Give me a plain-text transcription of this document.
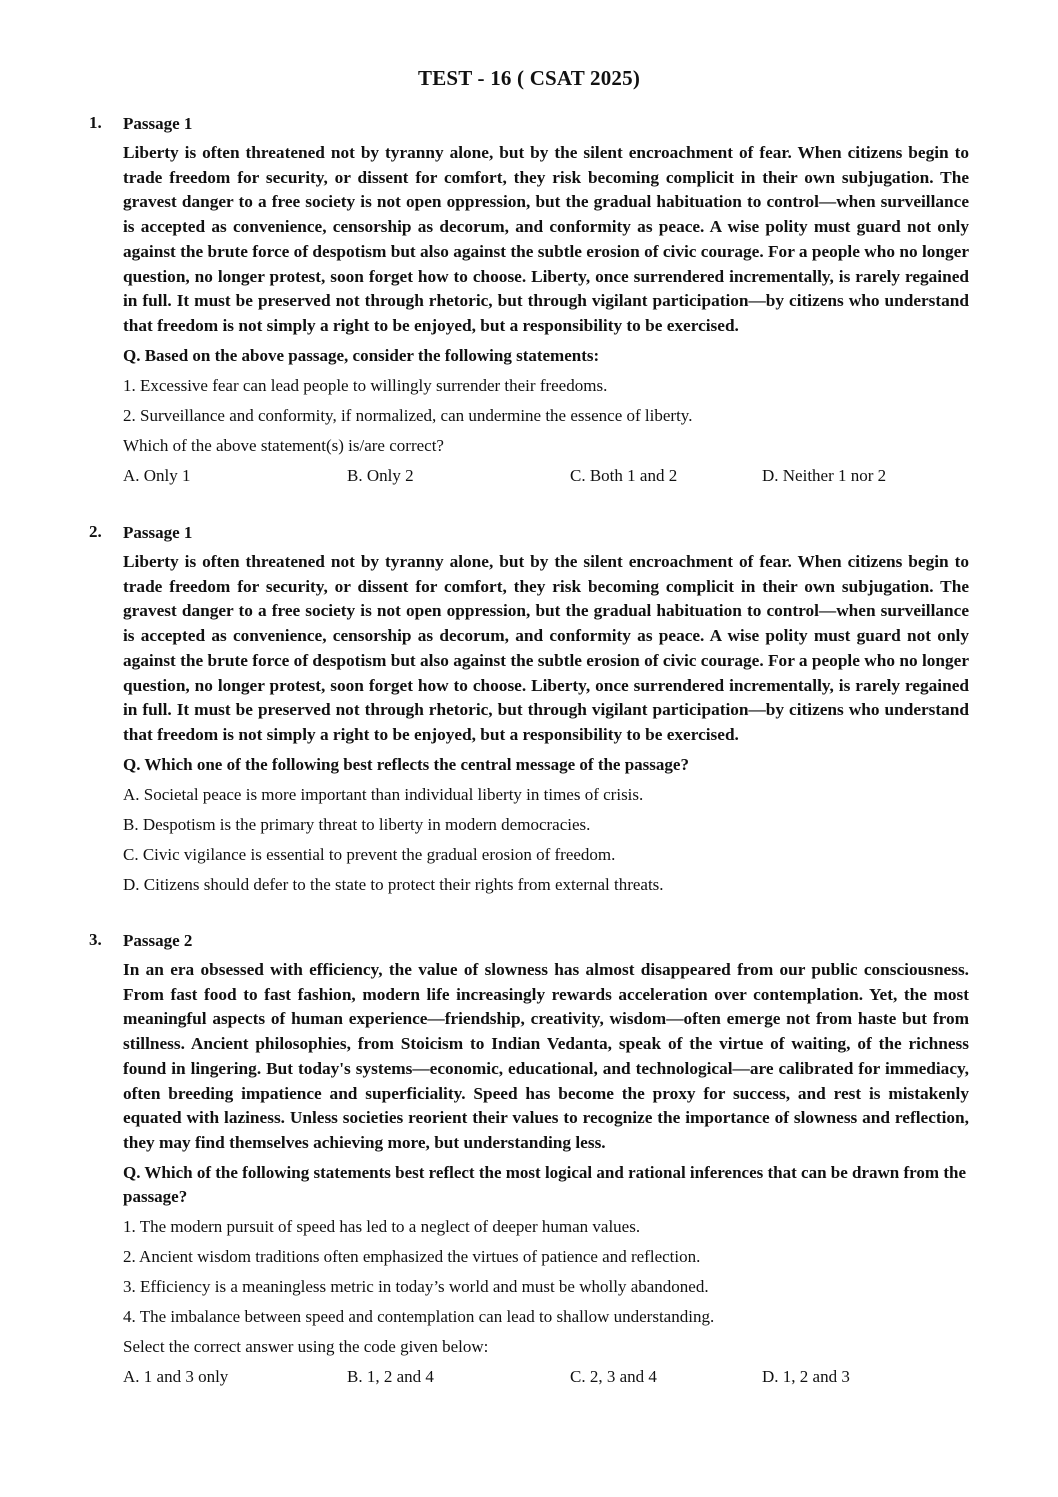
TEST - 16 ( CSAT 2025)
1. Passage 1
Liberty is often threatened not by tyranny alone, but by the silent encroachment of fear. When citizens begin to trade freedom for security, or dissent for comfort, they risk becoming complicit in their own subjugation. The gravest danger to a free society is not open oppression, but the gradual habituation to control—when surveillance is accepted as convenience, censorship as decorum, and conformity as peace. A wise polity must guard not only against the brute force of despotism but also against the subtle erosion of civic courage. For a people who no longer question, no longer protest, soon forget how to choose. Liberty, once surrendered incrementally, is rarely regained in full. It must be preserved not through rhetoric, but through vigilant participation—by citizens who understand that freedom is not simply a right to be enjoyed, but a responsibility to be exercised.
Q. Based on the above passage, consider the following statements:
1. Excessive fear can lead people to willingly surrender their freedoms.
2. Surveillance and conformity, if normalized, can undermine the essence of liberty.
Which of the above statement(s) is/are correct?
A. Only 1	B. Only 2	C. Both 1 and 2	D. Neither 1 nor 2
2. Passage 1
Liberty is often threatened not by tyranny alone, but by the silent encroachment of fear. When citizens begin to trade freedom for security, or dissent for comfort, they risk becoming complicit in their own subjugation. The gravest danger to a free society is not open oppression, but the gradual habituation to control—when surveillance is accepted as convenience, censorship as decorum, and conformity as peace. A wise polity must guard not only against the brute force of despotism but also against the subtle erosion of civic courage. For a people who no longer question, no longer protest, soon forget how to choose. Liberty, once surrendered incrementally, is rarely regained in full. It must be preserved not through rhetoric, but through vigilant participation—by citizens who understand that freedom is not simply a right to be enjoyed, but a responsibility to be exercised.
Q. Which one of the following best reflects the central message of the passage?
A. Societal peace is more important than individual liberty in times of crisis.
B. Despotism is the primary threat to liberty in modern democracies.
C. Civic vigilance is essential to prevent the gradual erosion of freedom.
D. Citizens should defer to the state to protect their rights from external threats.
3. Passage 2
In an era obsessed with efficiency, the value of slowness has almost disappeared from our public consciousness. From fast food to fast fashion, modern life increasingly rewards acceleration over contemplation. Yet, the most meaningful aspects of human experience—friendship, creativity, wisdom—often emerge not from haste but from stillness. Ancient philosophies, from Stoicism to Indian Vedanta, speak of the virtue of waiting, of the richness found in lingering. But today's systems—economic, educational, and technological—are calibrated for immediacy, often breeding impatience and superficiality. Speed has become the proxy for success, and rest is mistakenly equated with laziness. Unless societies reorient their values to recognize the importance of slowness and reflection, they may find themselves achieving more, but understanding less.
Q. Which of the following statements best reflect the most logical and rational inferences that can be drawn from the passage?
1. The modern pursuit of speed has led to a neglect of deeper human values.
2. Ancient wisdom traditions often emphasized the virtues of patience and reflection.
3. Efficiency is a meaningless metric in today’s world and must be wholly abandoned.
4. The imbalance between speed and contemplation can lead to shallow understanding.
Select the correct answer using the code given below:
A. 1 and 3 only	B. 1, 2 and 4	C. 2, 3 and 4	D. 1, 2 and 3
